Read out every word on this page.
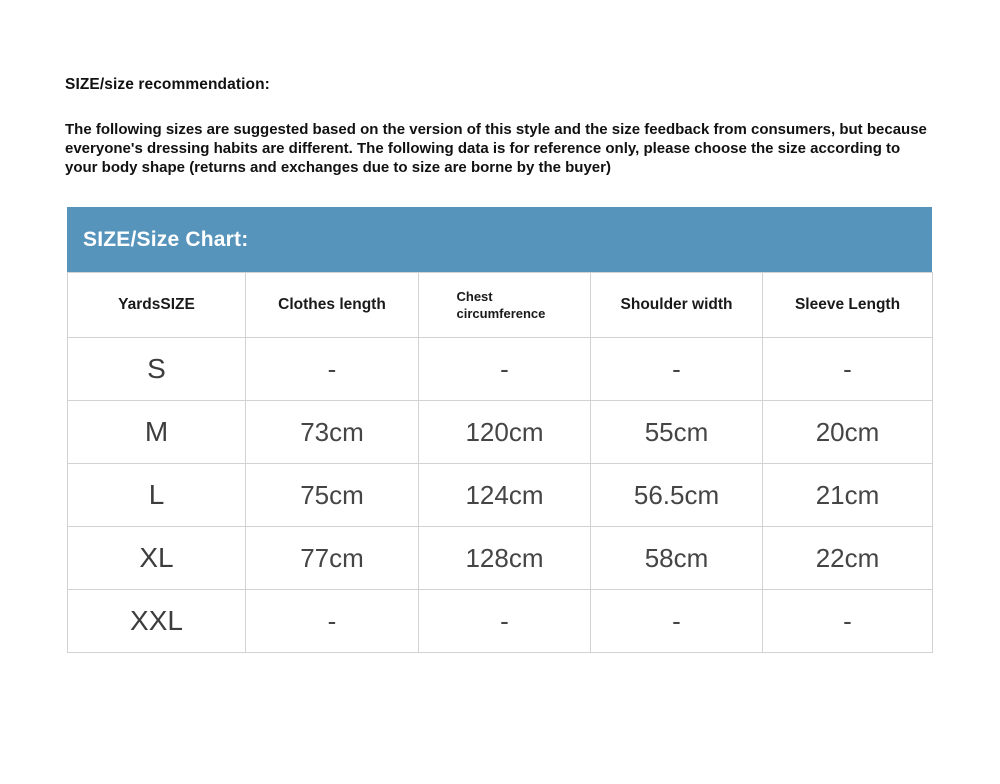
SIZE/size recommendation:

The following sizes are suggested based on the version of this style and the size feedback from consumers, but because everyone's dressing habits are different. The following data is for reference only, please choose the size according to your body shape (returns and exchanges due to size are borne by the buyer)

SIZE/Size Chart:
YardsSIZE	Clothes length	Chest circumference	Shoulder width	Sleeve Length
S	-	-	-	-
M	73cm	120cm	55cm	20cm
L	75cm	124cm	56.5cm	21cm
XL	77cm	128cm	58cm	22cm
XXL	-	-	-	-
